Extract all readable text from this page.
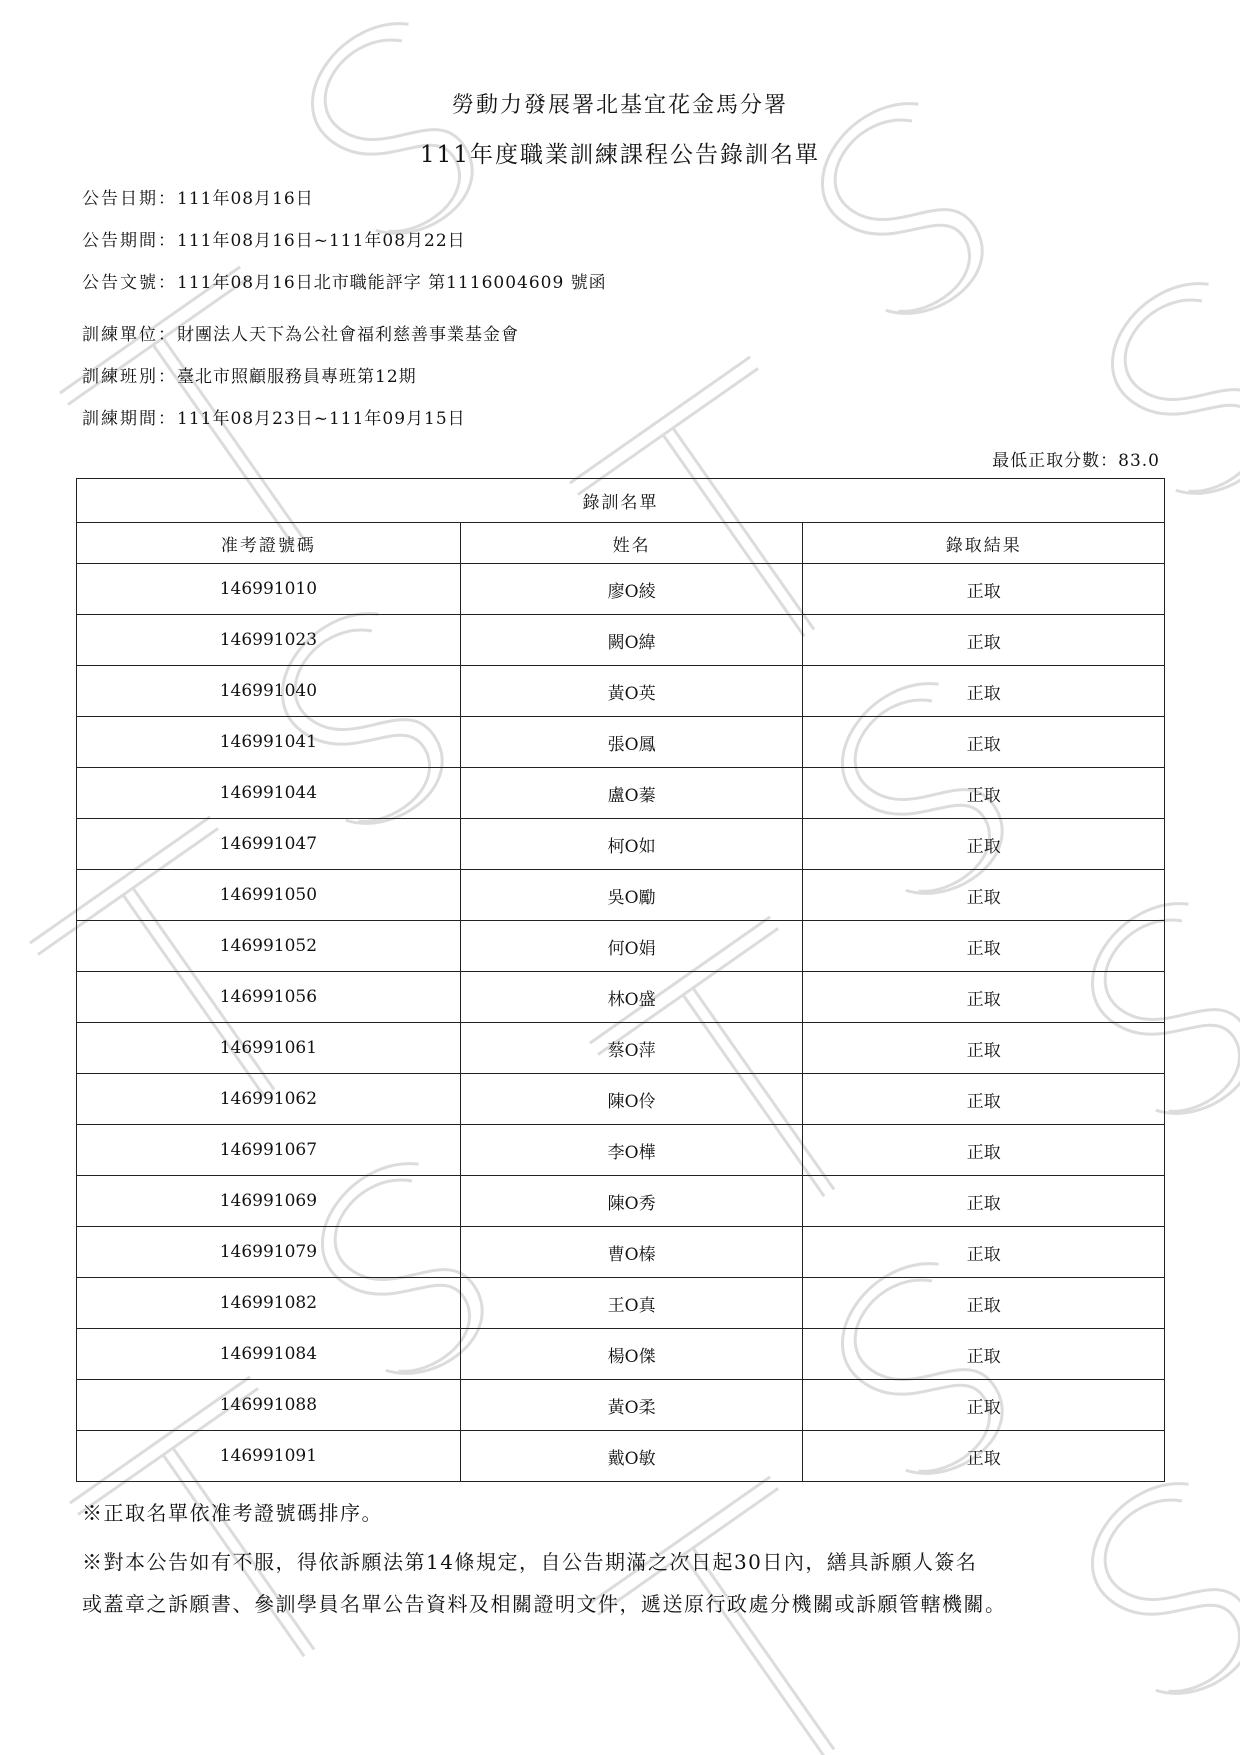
勞動力發展署北基宜花金馬分署
111年度職業訓練課程公告錄訓名單
公告日期：111年08月16日
公告期間：111年08月16日~111年08月22日
公告文號：111年08月16日北市職能評字 第1116004609 號函
訓練單位：財團法人天下為公社會福利慈善事業基金會
訓練班別：臺北市照顧服務員專班第12期
訓練期間：111年08月23日~111年09月15日
最低正取分數：83.0
錄訓名單		
准考證號碼	姓名	錄取結果
146991010	廖O綾	正取
146991023	闕O緯	正取
146991040	黃O英	正取
146991041	張O鳳	正取
146991044	盧O蓁	正取
146991047	柯O如	正取
146991050	吳O勵	正取
146991052	何O娟	正取
146991056	林O盛	正取
146991061	蔡O萍	正取
146991062	陳O伶	正取
146991067	李O樺	正取
146991069	陳O秀	正取
146991079	曹O榛	正取
146991082	王O真	正取
146991084	楊O傑	正取
146991088	黃O柔	正取
146991091	戴O敏	正取
※正取名單依准考證號碼排序。
※對本公告如有不服，得依訴願法第14條規定，自公告期滿之次日起30日內，繕具訴願人簽名
或蓋章之訴願書、參訓學員名單公告資料及相關證明文件，遞送原行政處分機關或訴願管轄機關。
